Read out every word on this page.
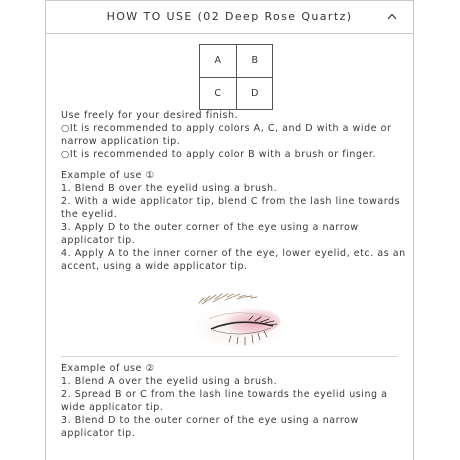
HOW TO USE (02 Deep Rose Quartz)
A	B
C	D
Use freely for your desired finish.
○It is recommended to apply colors A, C, and D with a wide or
narrow application tip.
○It is recommended to apply color B with a brush or finger.
Example of use ①
1. Blend B over the eyelid using a brush.
2. With a wide applicator tip, blend C from the lash line towards
the eyelid.
3. Apply D to the outer corner of the eye using a narrow
applicator tip.
4. Apply A to the inner corner of the eye, lower eyelid, etc. as an
accent, using a wide applicator tip.
Example of use ②
1. Blend A over the eyelid using a brush.
2. Spread B or C from the lash line towards the eyelid using a
wide applicator tip.
3. Blend D to the outer corner of the eye using a narrow
applicator tip.
